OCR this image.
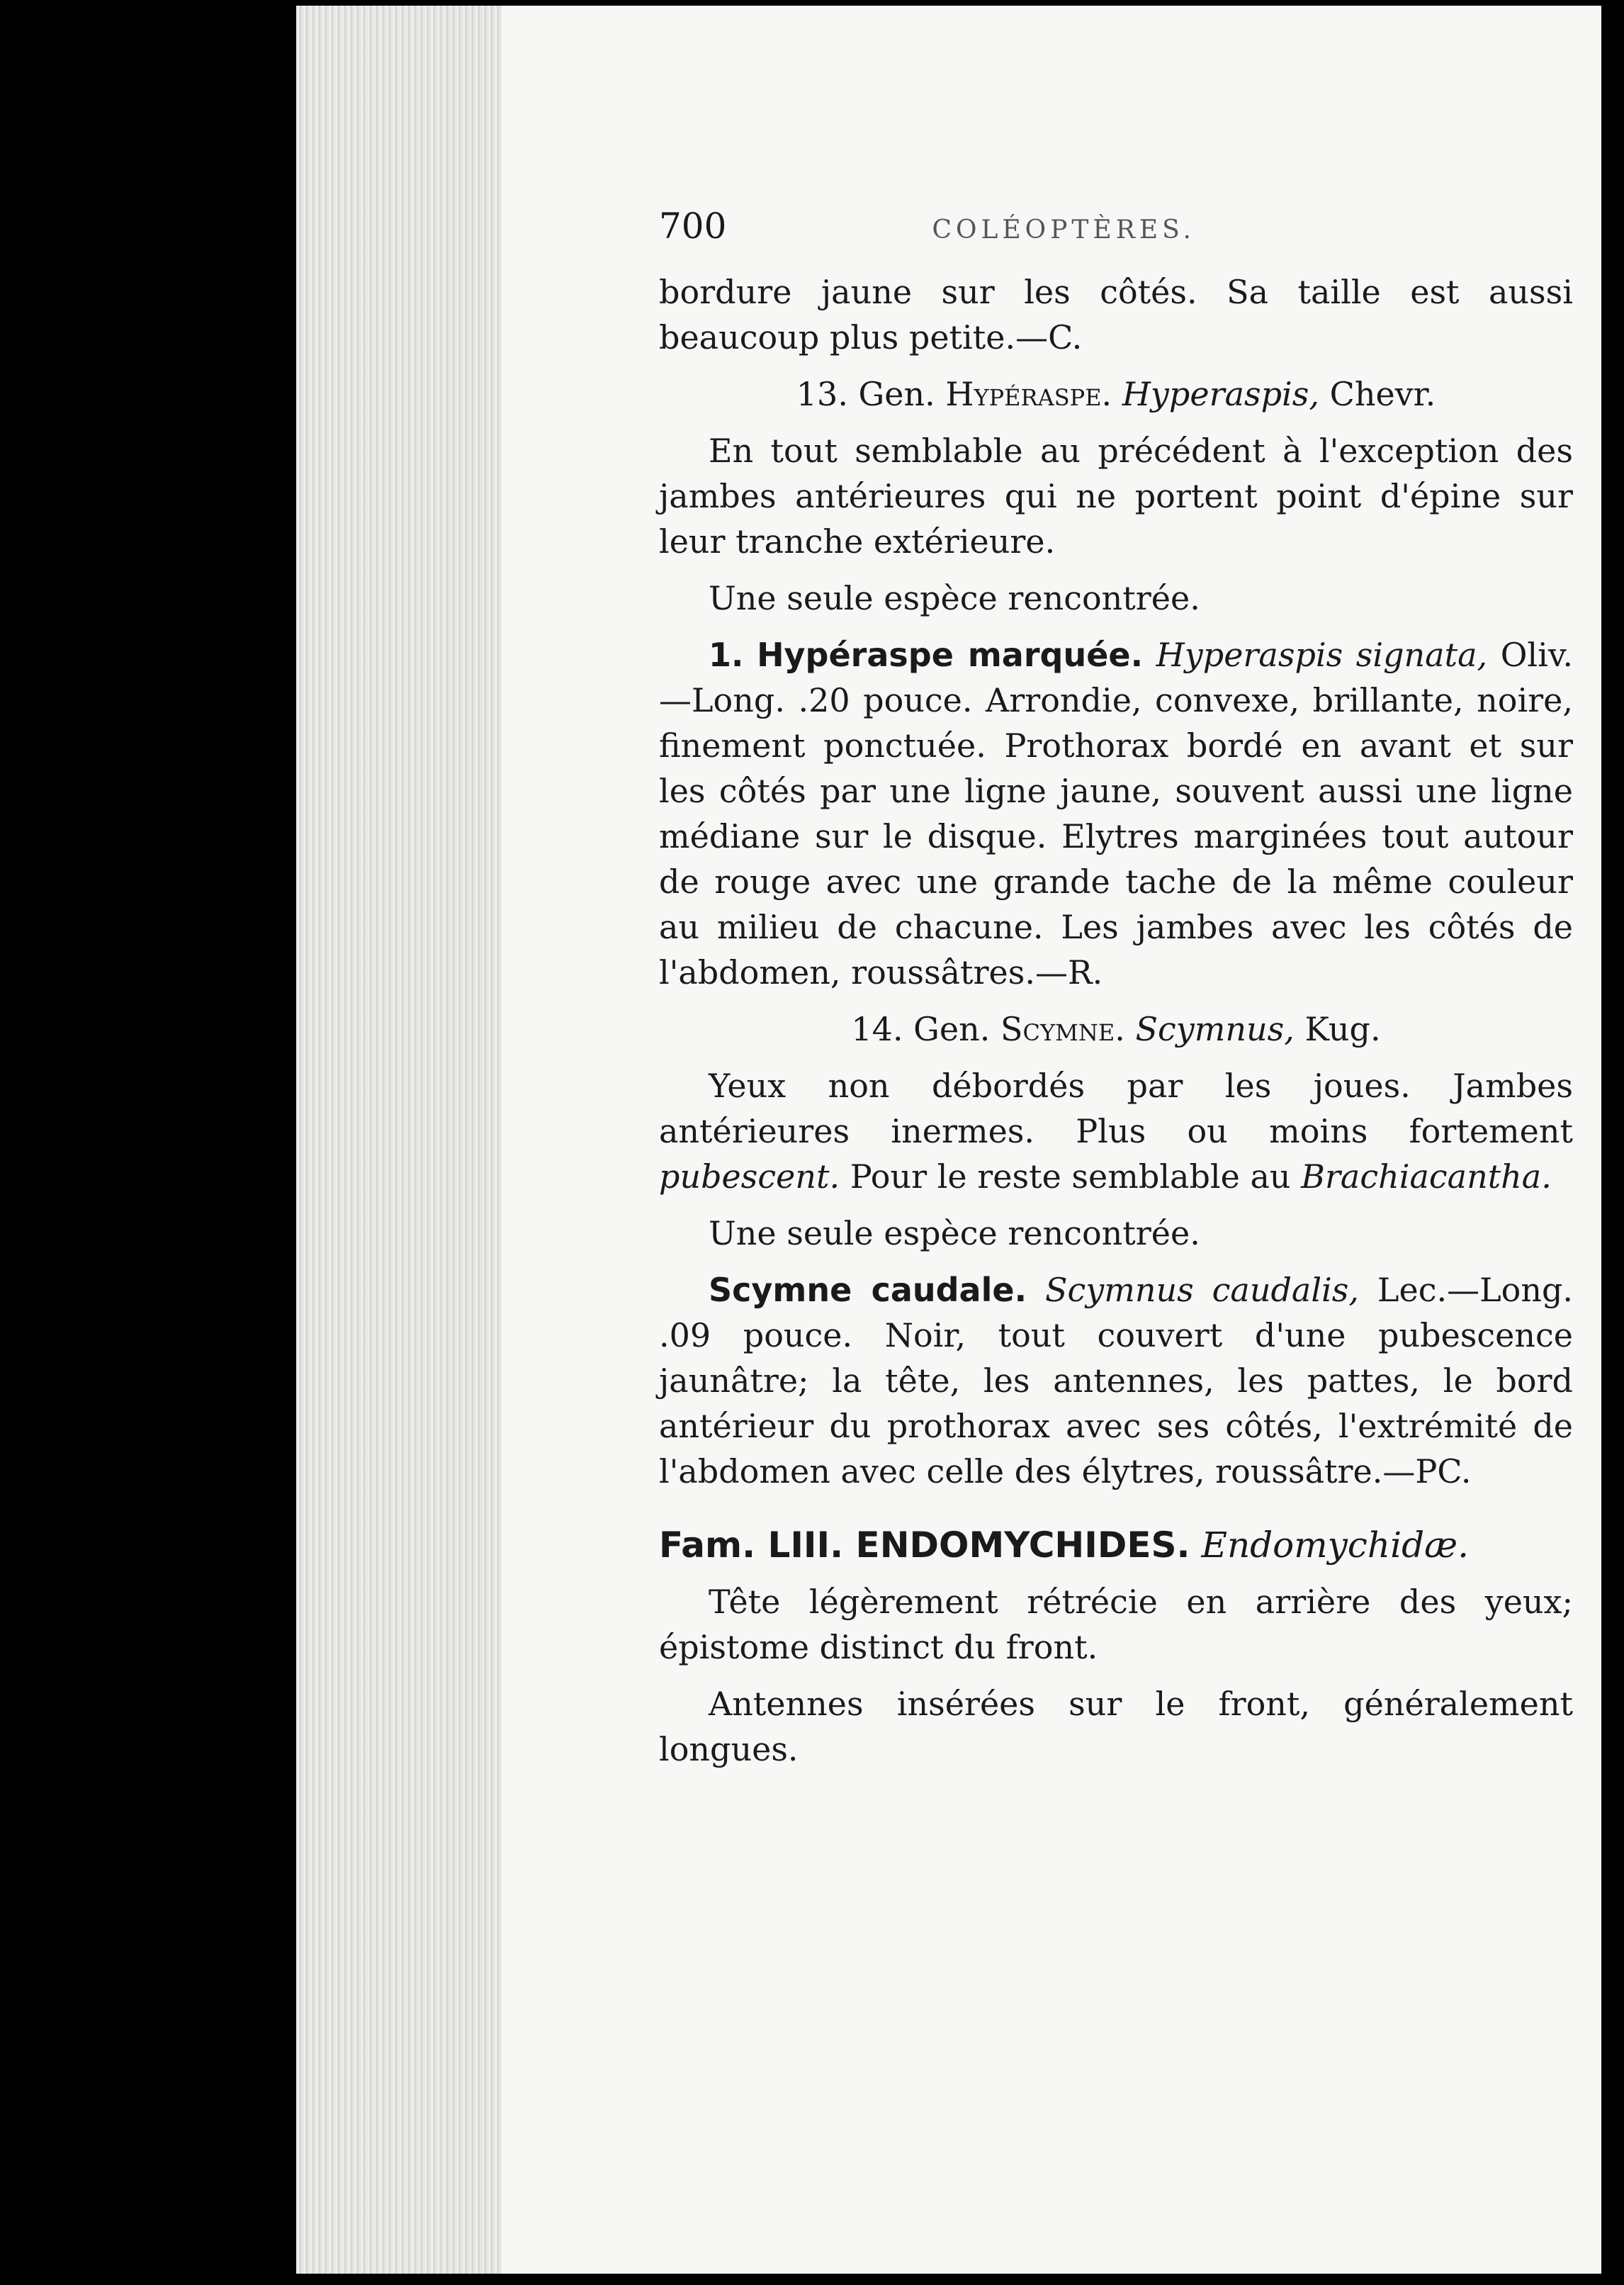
700	COLÉOPTÈRES.

bordure jaune sur les côtés. Sa taille est aussi beaucoup plus petite.—C.

13. Gen. Hypéraspe. Hyperaspis, Chevr.

En tout semblable au précédent à l'exception des jambes antérieures qui ne portent point d'épine sur leur tranche extérieure.

Une seule espèce rencontrée.

1. Hypéraspe marquée. Hyperaspis signata, Oliv. —Long. .20 pouce. Arrondie, convexe, brillante, noire, finement ponctuée. Prothorax bordé en avant et sur les côtés par une ligne jaune, souvent aussi une ligne médiane sur le disque. Elytres marginées tout autour de rouge avec une grande tache de la même couleur au milieu de chacune. Les jambes avec les côtés de l'abdomen, roussâtres.—R.

14. Gen. Scymne. Scymnus, Kug.

Yeux non débordés par les joues. Jambes antérieures inermes. Plus ou moins fortement pubescent. Pour le reste semblable au Brachiacantha.

Une seule espèce rencontrée.

Scymne caudale. Scymnus caudalis, Lec.—Long. .09 pouce. Noir, tout couvert d'une pubescence jaunâtre; la tête, les antennes, les pattes, le bord antérieur du prothorax avec ses côtés, l'extrémité de l'abdomen avec celle des élytres, roussâtre.—PC.

Fam. LIII. ENDOMYCHIDES. Endomychidæ.

Tête légèrement rétrécie en arrière des yeux; épistome distinct du front.

Antennes insérées sur le front, généralement longues.
